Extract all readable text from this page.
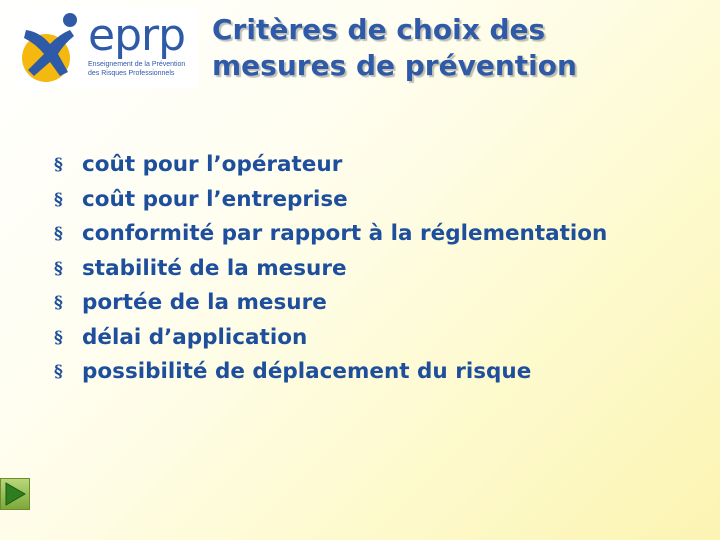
eprp
Enseignement de la Prévention
des Risques Professionnels
Critères de choix des
mesures de prévention
§ coût pour l’opérateur
§ coût pour l’entreprise
§ conformité par rapport à la réglementation
§ stabilité de la mesure
§ portée de la mesure
§ délai d’application
§ possibilité de déplacement du risque
